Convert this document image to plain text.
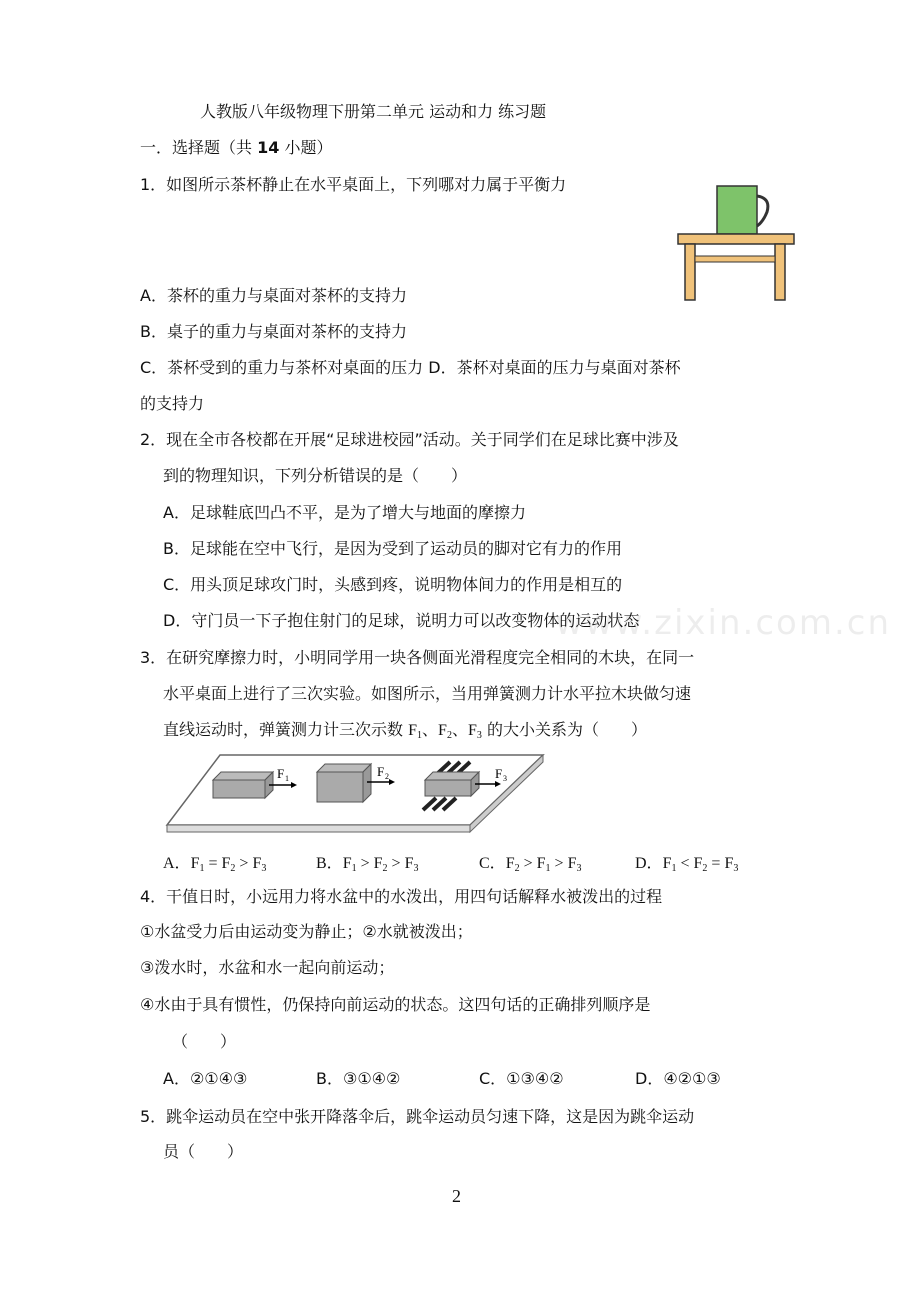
www.zixin.com.cn
人教版八年级物理下册第二单元 运动和力 练习题
一．选择题（共 14 小题）
1．如图所示茶杯静止在水平桌面上，下列哪对力属于平衡力
A．茶杯的重力与桌面对茶杯的支持力
B．桌子的重力与桌面对茶杯的支持力
C．茶杯受到的重力与茶杯对桌面的压力 D．茶杯对桌面的压力与桌面对茶杯
的支持力
2．现在全市各校都在开展“足球进校园”活动。关于同学们在足球比赛中涉及
到的物理知识，下列分析错误的是（　　）
A．足球鞋底凹凸不平，是为了增大与地面的摩擦力
B．足球能在空中飞行，是因为受到了运动员的脚对它有力的作用
C．用头顶足球攻门时，头感到疼，说明物体间力的作用是相互的
D．守门员一下子抱住射门的足球，说明力可以改变物体的运动状态
3．在研究摩擦力时，小明同学用一块各侧面光滑程度完全相同的木块，在同一
水平桌面上进行了三次实验。如图所示，当用弹簧测力计水平拉木块做匀速
直线运动时，弹簧测力计三次示数 $F_1$、$F_2$、$F_3$ 的大小关系为（　　）
F 1	F 2	F 3
A．$F_1 = F_2 > F_3$	B．$F_1 > F_2 > F_3$	C．$F_2 > F_1 > F_3$	D．$F_1 < F_2 = F_3$
4．干值日时，小远用力将水盆中的水泼出，用四句话解释水被泼出的过程
①水盆受力后由运动变为静止；②水就被泼出；
③泼水时，水盆和水一起向前运动；
④水由于具有惯性，仍保持向前运动的状态。这四句话的正确排列顺序是
（　　）
A．②①④③	B．③①④②	C．①③④②	D．④②①③
5．跳伞运动员在空中张开降落伞后，跳伞运动员匀速下降，这是因为跳伞运动
员（　　）
2
